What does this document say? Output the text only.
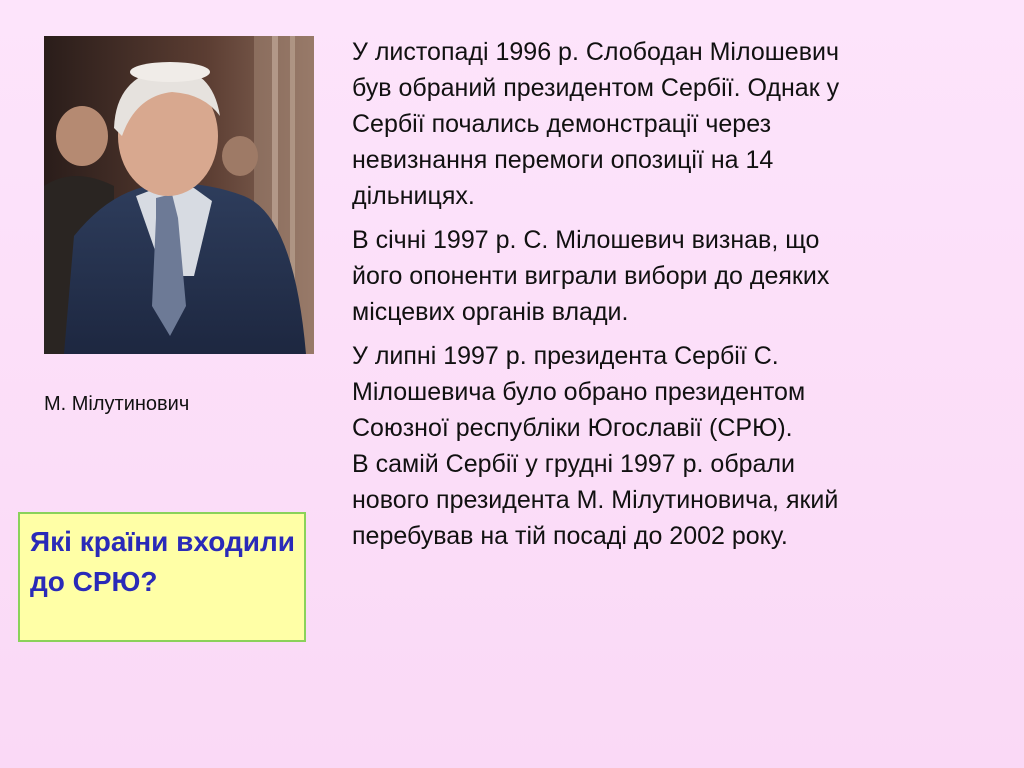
М. Мілутинович
Які країни входили до СРЮ?

У листопаді 1996 р. Слободан Мілошевич
був обраний президентом Сербії. Однак у
Сербії почались демонстрації через
невизнання перемоги опозиції на 14
дільницях.

В січні 1997 р. С. Мілошевич визнав, що
його опоненти виграли вибори до деяких
місцевих органів влади.

У липні 1997 р. президента Сербії С.
Мілошевича було обрано президентом
Союзної республіки Югославії (СРЮ).
В самій Сербії у грудні 1997 р. обрали
нового президента М. Мілутиновича, який
перебував на тій посаді до 2002 року.
